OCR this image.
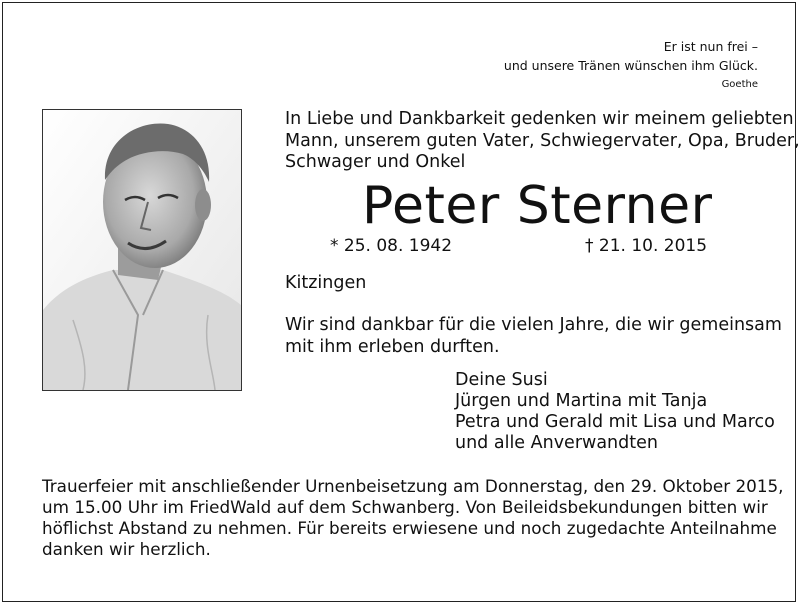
Er ist nun frei –
und unsere Tränen wünschen ihm Glück.
Goethe
In Liebe und Dankbarkeit gedenken wir meinem geliebten
Mann, unserem guten Vater, Schwiegervater, Opa, Bruder,
Schwager und Onkel
Peter Sterner
* 25. 08. 1942	† 21. 10. 2015
Kitzingen
Wir sind dankbar für die vielen Jahre, die wir gemeinsam
mit ihm erleben durften.
Deine Susi
Jürgen und Martina mit Tanja
Petra und Gerald mit Lisa und Marco
und alle Anverwandten
Trauerfeier mit anschließender Urnenbeisetzung am Donnerstag, den 29. Oktober 2015,
um 15.00 Uhr im FriedWald auf dem Schwanberg. Von Beileidsbekundungen bitten wir
höflichst Abstand zu nehmen. Für bereits erwiesene und noch zugedachte Anteilnahme
danken wir herzlich.
